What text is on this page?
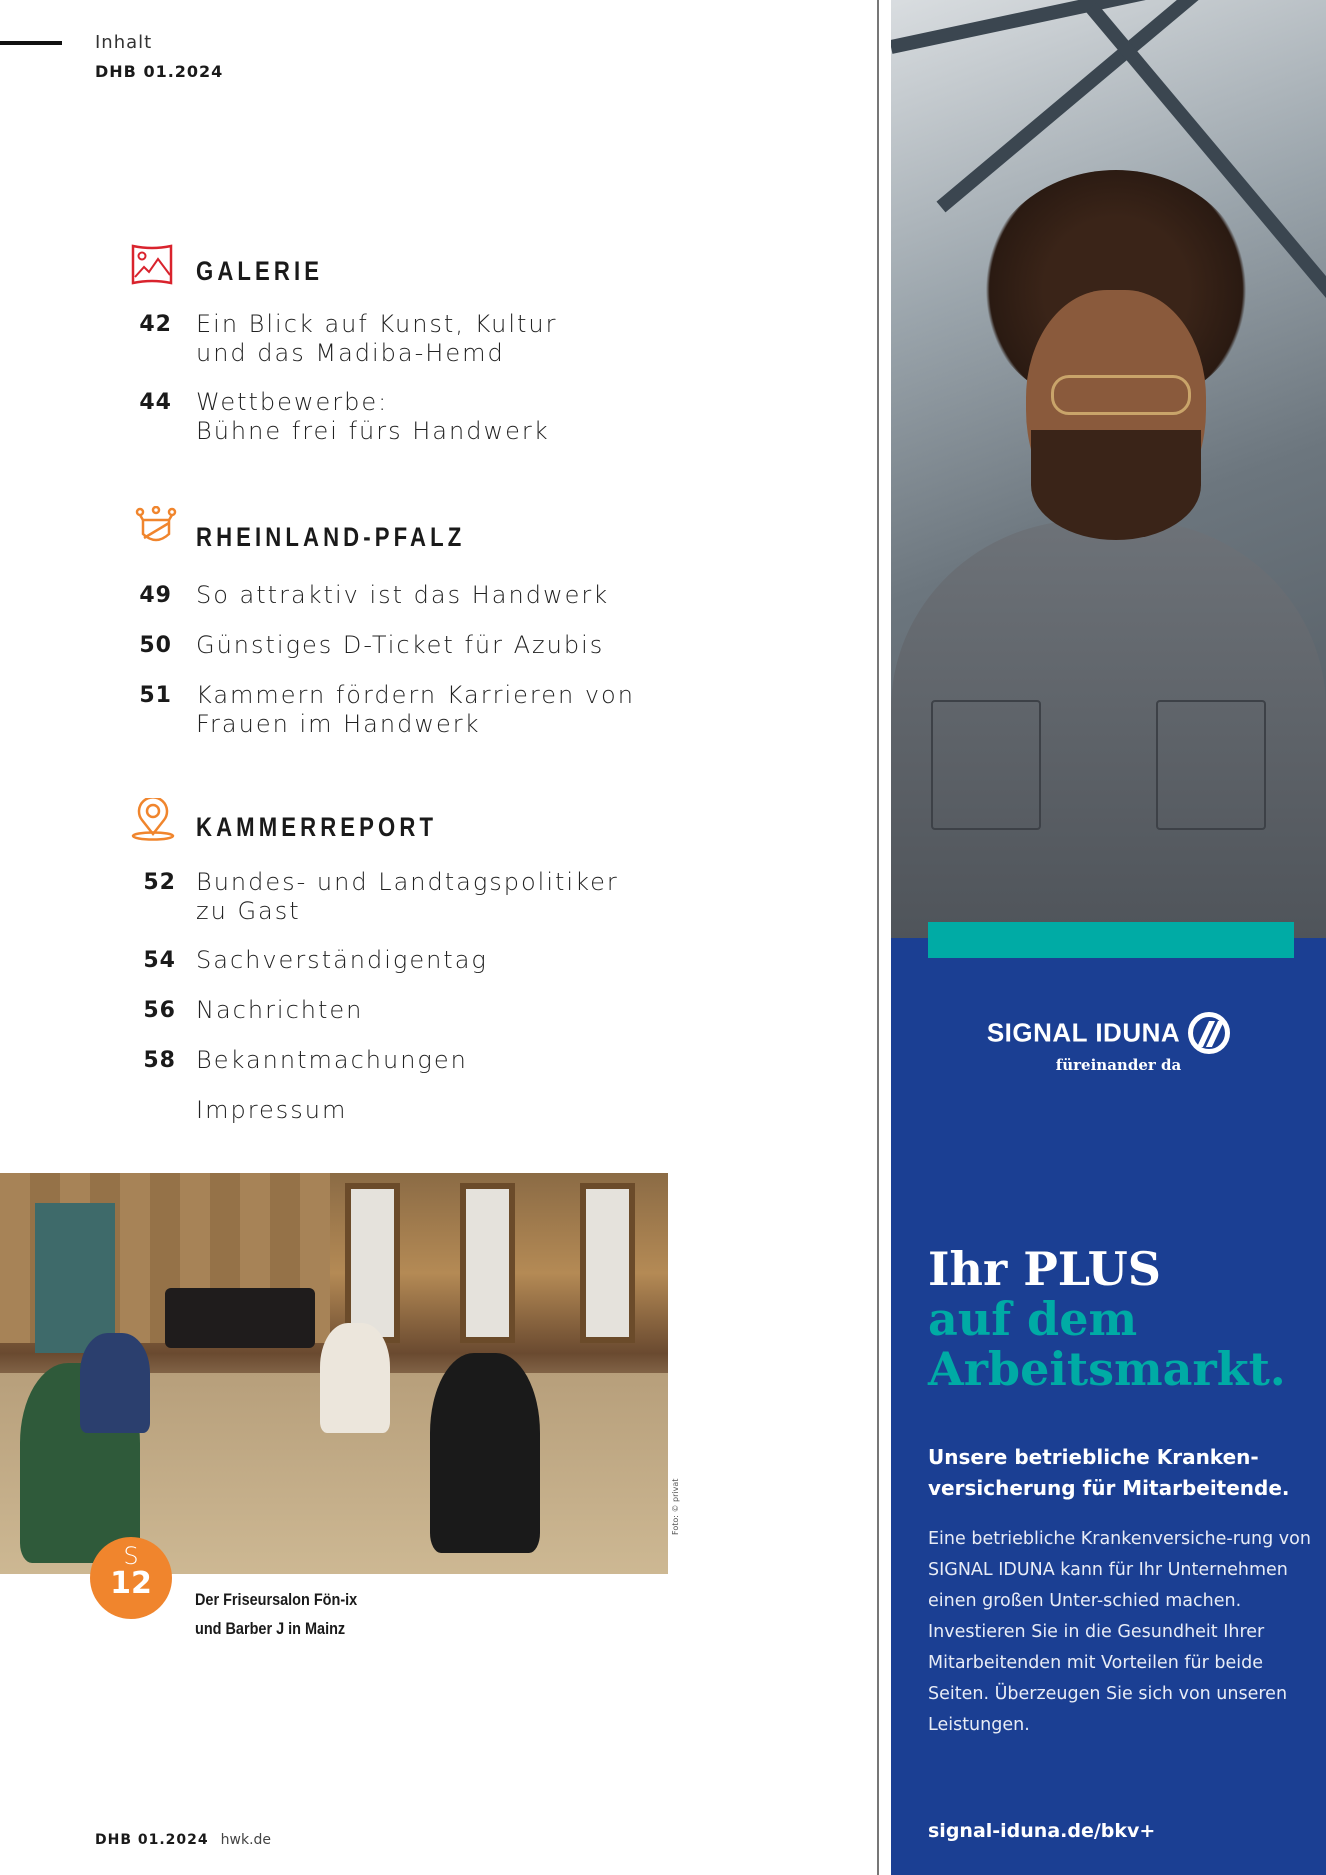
Inhalt
DHB 01.2024
GALERIE
42 Ein Blick auf Kunst, Kultur
und das Madiba-Hemd
44 Wettbewerbe:
Bühne frei fürs Handwerk
RHEINLAND-PFALZ
49 So attraktiv ist das Handwerk
50 Günstiges D-Ticket für Azubis
51 Kammern fördern Karrieren von
Frauen im Handwerk
KAMMERREPORT
52 Bundes- und Landtagspolitiker
zu Gast
54 Sachverständigentag
56 Nachrichten
58 Bekanntmachungen
Impressum
Foto: © privat
S
12	Der Friseursalon Fön-ix
und Barber J in Mainz
DHB 01.2024 hwk.de
SIGNAL IDUNA
füreinander da
Ihr PLUS
auf dem
Arbeitsmarkt.
Unsere betriebliche Kranken-versicherung für Mitarbeitende.
Eine betriebliche Krankenversiche-rung von SIGNAL IDUNA kann für Ihr Unternehmen einen großen Unter-schied machen. Investieren Sie in die Gesundheit Ihrer Mitarbeitenden mit Vorteilen für beide Seiten. Überzeugen Sie sich von unseren Leistungen.
signal-iduna.de/bkv+
